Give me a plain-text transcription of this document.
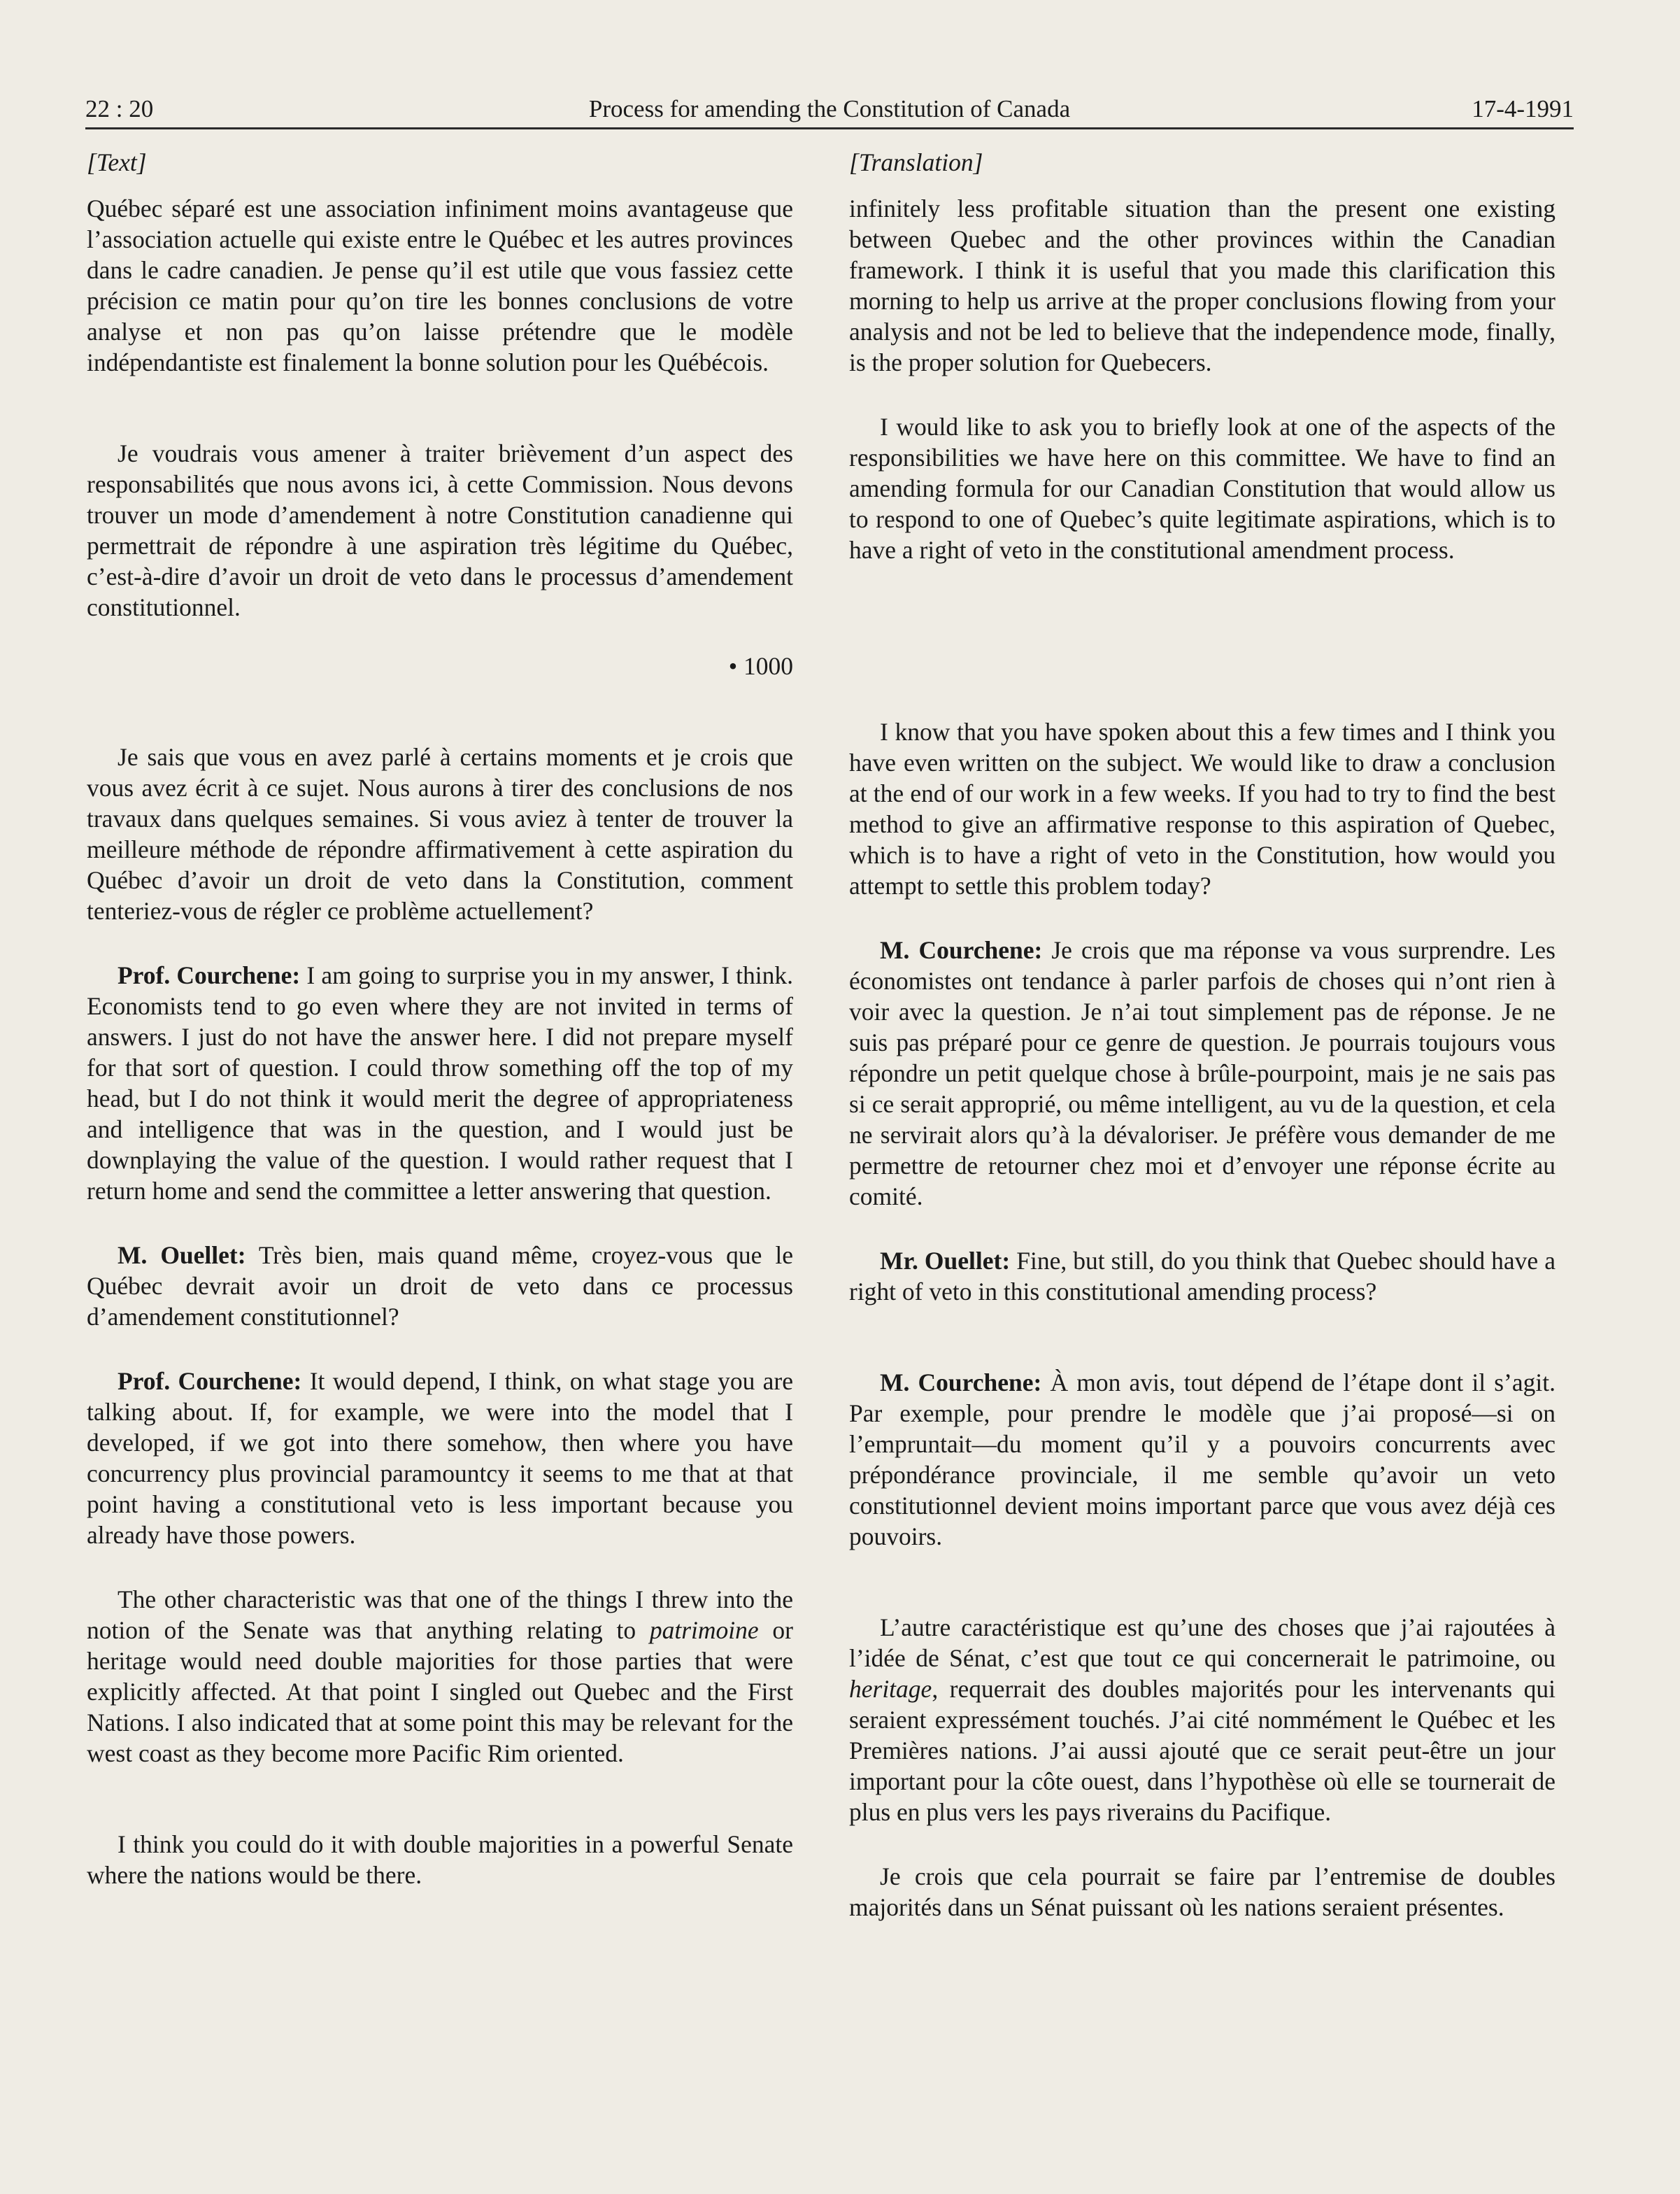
22 : 20	Process for amending the Constitution of Canada	17-4-1991

[Text]

Québec séparé est une association infiniment moins avantageuse que l’association actuelle qui existe entre le Québec et les autres provinces dans le cadre canadien. Je pense qu’il est utile que vous fassiez cette précision ce matin pour qu’on tire les bonnes conclusions de votre analyse et non pas qu’on laisse prétendre que le modèle indépendantiste est finalement la bonne solution pour les Québécois.

Je voudrais vous amener à traiter brièvement d’un aspect des responsabilités que nous avons ici, à cette Commission. Nous devons trouver un mode d’amendement à notre Constitution canadienne qui permettrait de répondre à une aspiration très légitime du Québec, c’est-à-dire d’avoir un droit de veto dans le processus d’amendement constitutionnel.

• 1000

Je sais que vous en avez parlé à certains moments et je crois que vous avez écrit à ce sujet. Nous aurons à tirer des conclusions de nos travaux dans quelques semaines. Si vous aviez à tenter de trouver la meilleure méthode de répondre affirmativement à cette aspiration du Québec d’avoir un droit de veto dans la Constitution, comment tenteriez-vous de régler ce problème actuellement?

Prof. Courchene: I am going to surprise you in my answer, I think. Economists tend to go even where they are not invited in terms of answers. I just do not have the answer here. I did not prepare myself for that sort of question. I could throw something off the top of my head, but I do not think it would merit the degree of appropriateness and intelligence that was in the question, and I would just be downplaying the value of the question. I would rather request that I return home and send the committee a letter answering that question.

M. Ouellet: Très bien, mais quand même, croyez-vous que le Québec devrait avoir un droit de veto dans ce processus d’amendement constitutionnel?

Prof. Courchene: It would depend, I think, on what stage you are talking about. If, for example, we were into the model that I developed, if we got into there somehow, then where you have concurrency plus provincial paramountcy it seems to me that at that point having a constitutional veto is less important because you already have those powers.

The other characteristic was that one of the things I threw into the notion of the Senate was that anything relating to patrimoine or heritage would need double majorities for those parties that were explicitly affected. At that point I singled out Quebec and the First Nations. I also indicated that at some point this may be relevant for the west coast as they become more Pacific Rim oriented.

I think you could do it with double majorities in a powerful Senate where the nations would be there.

[Translation]

infinitely less profitable situation than the present one existing between Quebec and the other provinces within the Canadian framework. I think it is useful that you made this clarification this morning to help us arrive at the proper conclusions flowing from your analysis and not be led to believe that the independence mode, finally, is the proper solution for Quebecers.

I would like to ask you to briefly look at one of the aspects of the responsibilities we have here on this committee. We have to find an amending formula for our Canadian Constitution that would allow us to respond to one of Quebec’s quite legitimate aspirations, which is to have a right of veto in the constitutional amendment process.

I know that you have spoken about this a few times and I think you have even written on the subject. We would like to draw a conclusion at the end of our work in a few weeks. If you had to try to find the best method to give an affirmative response to this aspiration of Quebec, which is to have a right of veto in the Constitution, how would you attempt to settle this problem today?

M. Courchene: Je crois que ma réponse va vous surprendre. Les économistes ont tendance à parler parfois de choses qui n’ont rien à voir avec la question. Je n’ai tout simplement pas de réponse. Je ne suis pas préparé pour ce genre de question. Je pourrais toujours vous répondre un petit quelque chose à brûle-pourpoint, mais je ne sais pas si ce serait approprié, ou même intelligent, au vu de la question, et cela ne servirait alors qu’à la dévaloriser. Je préfère vous demander de me permettre de retourner chez moi et d’envoyer une réponse écrite au comité.

Mr. Ouellet: Fine, but still, do you think that Quebec should have a right of veto in this constitutional amending process?

M. Courchene: À mon avis, tout dépend de l’étape dont il s’agit. Par exemple, pour prendre le modèle que j’ai proposé—si on l’empruntait—du moment qu’il y a pouvoirs concurrents avec prépondérance provinciale, il me semble qu’avoir un veto constitutionnel devient moins important parce que vous avez déjà ces pouvoirs.

L’autre caractéristique est qu’une des choses que j’ai rajoutées à l’idée de Sénat, c’est que tout ce qui concernerait le patrimoine, ou heritage, requerrait des doubles majorités pour les intervenants qui seraient expressément touchés. J’ai cité nommément le Québec et les Premières nations. J’ai aussi ajouté que ce serait peut-être un jour important pour la côte ouest, dans l’hypothèse où elle se tournerait de plus en plus vers les pays riverains du Pacifique.

Je crois que cela pourrait se faire par l’entremise de doubles majorités dans un Sénat puissant où les nations seraient présentes.
